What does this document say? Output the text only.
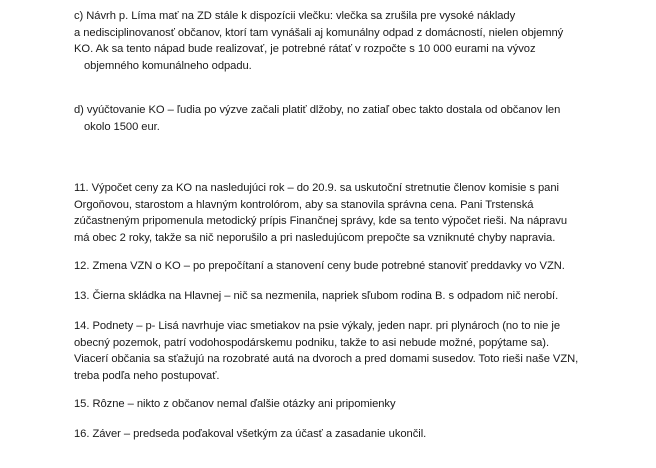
c) Návrh p. Líma mať na ZD stále k dispozícii vlečku: vlečka sa zrušila pre vysoké náklady
a nedisciplinovanosť občanov, ktorí tam vynášali aj komunálny odpad z domácností, nielen objemný
KO. Ak sa tento nápad bude realizovať, je potrebné rátať v rozpočte s 10 000 eurami na vývoz
objemného komunálneho odpadu.

d) vyúčtovanie KO – ľudia po výzve začali platiť dlžoby, no zatiaľ obec takto dostala od občanov len
okolo 1500 eur.

11. Výpočet ceny za KO na nasledujúci rok – do 20.9. sa uskutoční stretnutie členov komisie s pani
Orgoňovou, starostom a hlavným kontrolórom, aby sa stanovila správna cena. Pani Trstenská
zúčastneným pripomenula metodický prípis Finančnej správy, kde sa tento výpočet rieši. Na nápravu
má obec 2 roky, takže sa nič neporušilo a pri nasledujúcom prepočte sa vzniknuté chyby napravia.

12. Zmena VZN o KO – po prepočítaní a stanovení ceny bude potrebné stanoviť preddavky vo VZN.

13. Čierna skládka na Hlavnej – nič sa nezmenila, napriek sľubom rodina B. s odpadom nič nerobí.

14. Podnety – p- Lisá navrhuje viac smetiakov na psie výkaly, jeden napr. pri plynároch (no to nie je
obecný pozemok, patrí vodohospodárskemu podniku, takže to asi nebude možné, popýtame sa).
Viacerí občania sa sťažujú na rozobraté autá na dvoroch a pred domami susedov. Toto rieši naše VZN,
treba podľa neho postupovať.

15. Rôzne – nikto z občanov nemal ďalšie otázky ani pripomienky

16. Záver – predseda poďakoval všetkým za účasť a zasadanie ukončil.
